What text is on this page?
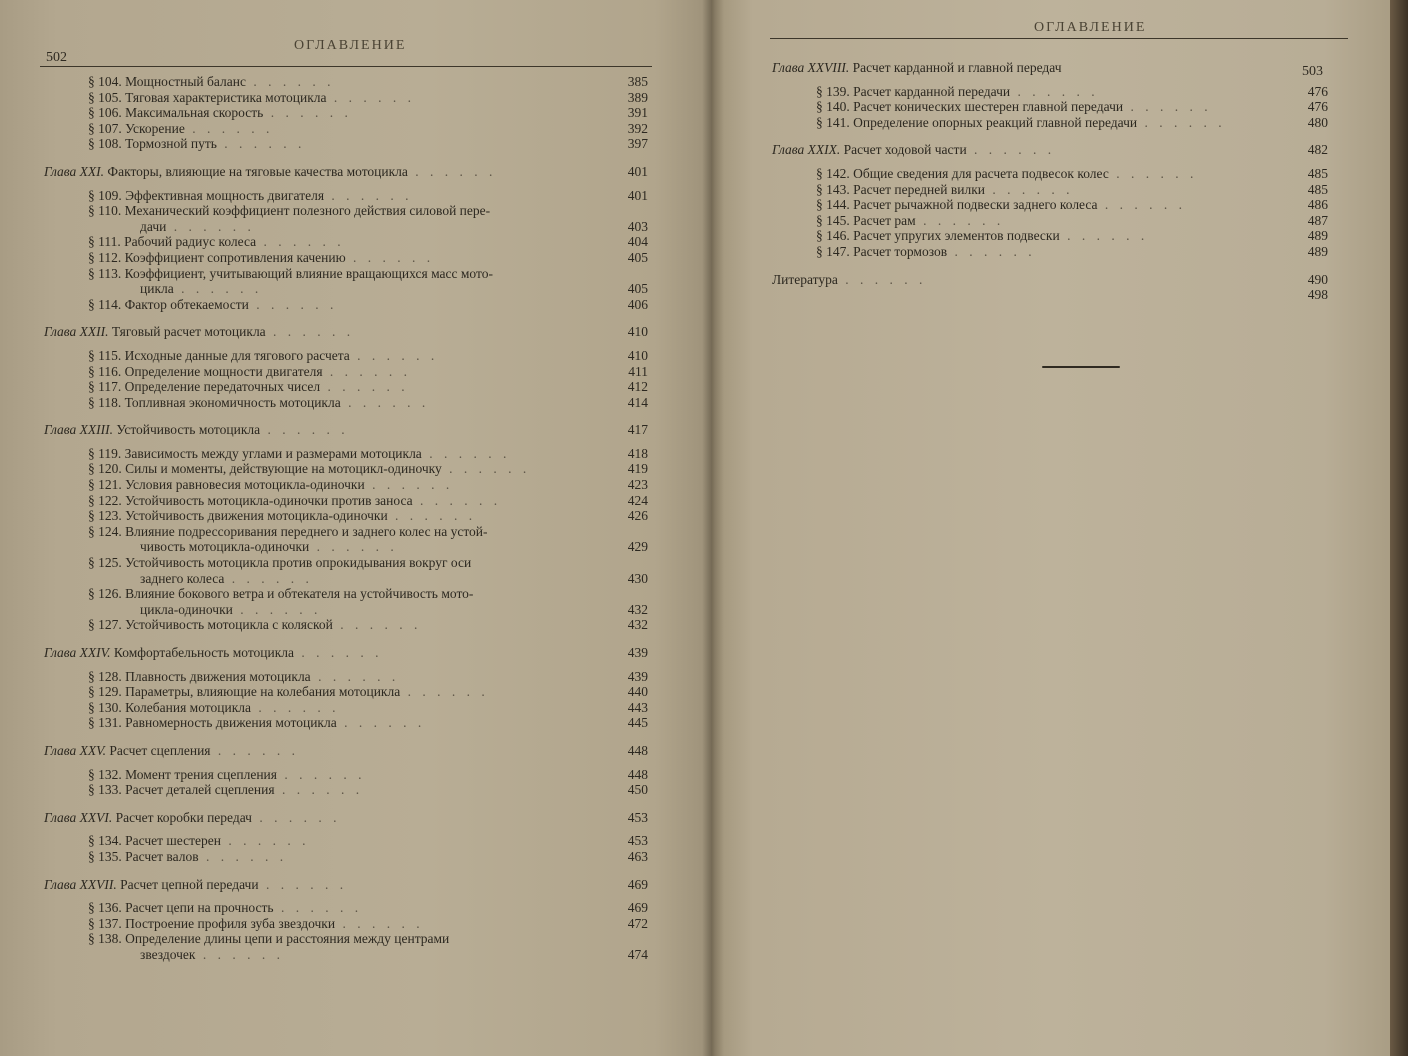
502
ОГЛАВЛЕНИЕ
§ 104. Мощностный баланс . . . . . .	385
§ 105. Тяговая характеристика мотоцикла . . . . . .	389
§ 106. Максимальная скорость . . . . . .	391
§ 107. Ускорение . . . . . .	392
§ 108. Тормозной путь . . . . . .	397
Глава XXI. Факторы, влияющие на тяговые качества мотоцикла . . . . . .	401
§ 109. Эффективная мощность двигателя . . . . . .	401
§ 110. Механический коэффициент полезного действия силовой пере-
дачи . . . . . .	403
§ 111. Рабочий радиус колеса . . . . . .	404
§ 112. Коэффициент сопротивления качению . . . . . .	405
§ 113. Коэффициент, учитывающий влияние вращающихся масс мото-
цикла . . . . . .	405
§ 114. Фактор обтекаемости . . . . . .	406
Глава XXII. Тяговый расчет мотоцикла . . . . . .	410
§ 115. Исходные данные для тягового расчета . . . . . .	410
§ 116. Определение мощности двигателя . . . . . .	411
§ 117. Определение передаточных чисел . . . . . .	412
§ 118. Топливная экономичность мотоцикла . . . . . .	414
Глава XXIII. Устойчивость мотоцикла . . . . . .	417
§ 119. Зависимость между углами и размерами мотоцикла . . . . . .	418
§ 120. Силы и моменты, действующие на мотоцикл-одиночку . . . . . .	419
§ 121. Условия равновесия мотоцикла-одиночки . . . . . .	423
§ 122. Устойчивость мотоцикла-одиночки против заноса . . . . . .	424
§ 123. Устойчивость движения мотоцикла-одиночки . . . . . .	426
§ 124. Влияние подрессоривания переднего и заднего колес на устой-
чивость мотоцикла-одиночки . . . . . .	429
§ 125. Устойчивость мотоцикла против опрокидывания вокруг оси
заднего колеса . . . . . .	430
§ 126. Влияние бокового ветра и обтекателя на устойчивость мото-
цикла-одиночки . . . . . .	432
§ 127. Устойчивость мотоцикла с коляской . . . . . .	432
Глава XXIV. Комфортабельность мотоцикла . . . . . .	439
§ 128. Плавность движения мотоцикла . . . . . .	439
§ 129. Параметры, влияющие на колебания мотоцикла . . . . . .	440
§ 130. Колебания мотоцикла . . . . . .	443
§ 131. Равномерность движения мотоцикла . . . . . .	445
Глава XXV. Расчет сцепления . . . . . .	448
§ 132. Момент трения сцепления . . . . . .	448
§ 133. Расчет деталей сцепления . . . . . .	450
Глава XXVI. Расчет коробки передач . . . . . .	453
§ 134. Расчет шестерен . . . . . .	453
§ 135. Расчет валов . . . . . .	463
Глава XXVII. Расчет цепной передачи . . . . . .	469
§ 136. Расчет цепи на прочность . . . . . .	469
§ 137. Построение профиля зуба звездочки . . . . . .	472
§ 138. Определение длины цепи и расстояния между центрами
звездочек . . . . . .	474
ОГЛАВЛЕНИЕ
503
Глава XXVIII. Расчет карданной и главной передач
§ 139. Расчет карданной передачи . . . . . .	476
§ 140. Расчет конических шестерен главной передачи . . . . . .	476
§ 141. Определение опорных реакций главной передачи . . . . . .	480
Глава XXIX. Расчет ходовой части . . . . . .	482
§ 142. Общие сведения для расчета подвесок колес . . . . . .	485
§ 143. Расчет передней вилки . . . . . .	485
§ 144. Расчет рычажной подвески заднего колеса . . . . . .	486
§ 145. Расчет рам . . . . . .	487
§ 146. Расчет упругих элементов подвески . . . . . .	489
§ 147. Расчет тормозов . . . . . .	489
Литература . . . . . .	490
498
